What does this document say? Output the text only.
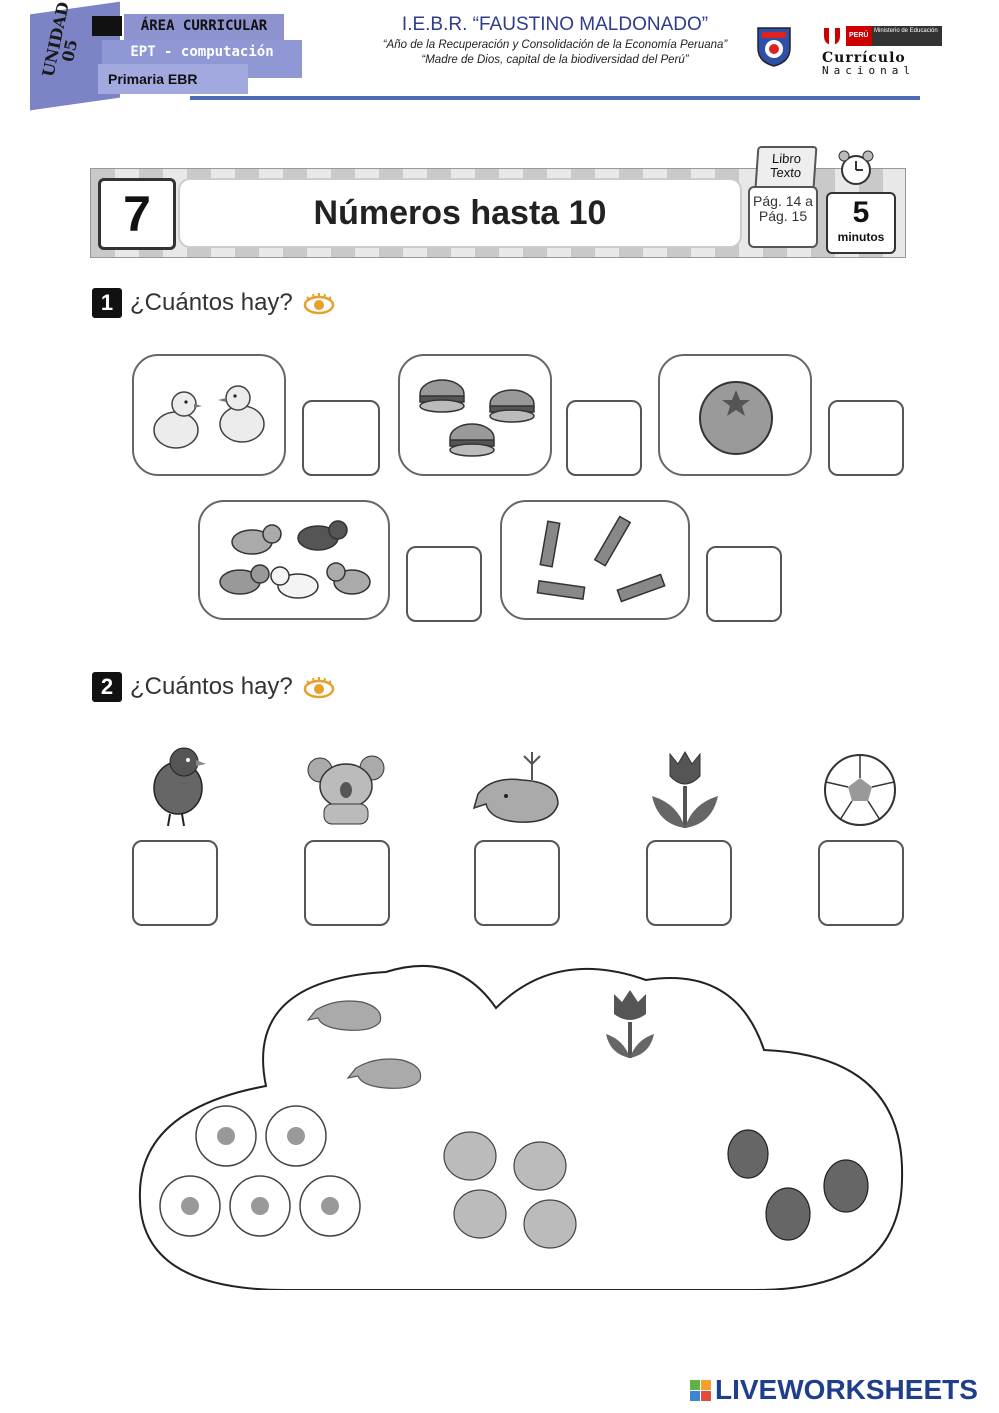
UNIDAD 05
ÁREA CURRICULAR
EPT - computación
Primaria EBR
I.E.B.R. “FAUSTINO MALDONADO”
“Año de la Recuperación y Consolidación de la Economía Peruana”
“Madre de Dios, capital de la biodiversidad del Perú”
PERÚ
Ministerio de Educación
Currículo
Nacional
7	Números hasta 10
Libro Texto
Pág. 14 a Pág. 15	5
minutos
1 ¿Cuántos hay?
2 ¿Cuántos hay?
LIVEWORKSHEETS
